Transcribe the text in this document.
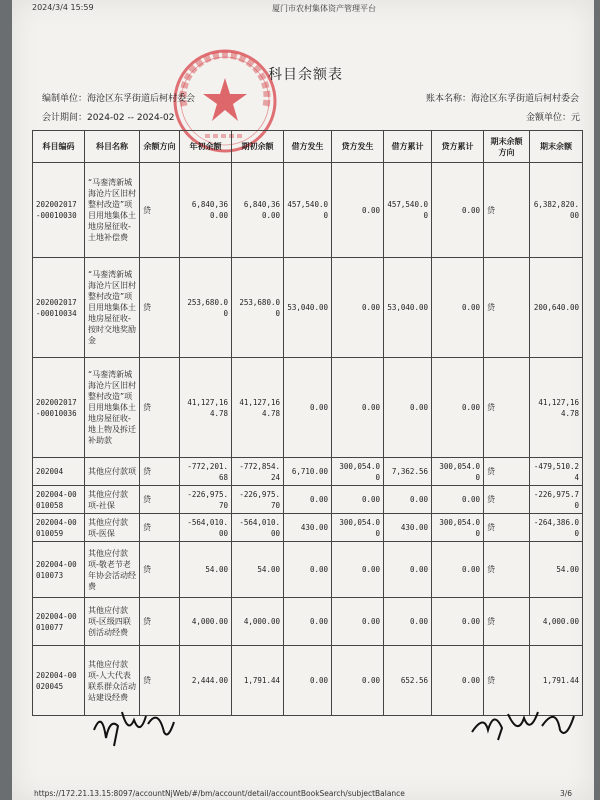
2024/3/4 15:59	厦门市农村集体资产管理平台
科目余额表
编制单位：海沧区东孚街道后柯村委会
会计期间：2024-02 -- 2024-02
账本名称：海沧区东孚街道后柯村委会
金额单位：元
科目编码	科目名称	余额方向	年初余额	期初余额	借方发生	贷方发生	借方累计	贷方累计	期末余额方向	期末余额
202002017-00010030	“马銮湾新城海沧片区旧村整村改造”项目用地集体土地房屋征收-土地补偿费	贷	6,840,360.00	6,840,360.00	457,540.00	0.00	457,540.00	0.00	贷	6,382,820.00
202002017-00010034	“马銮湾新城海沧片区旧村整村改造”项目用地集体土地房屋征收-按时交地奖励金	贷	253,680.00	253,680.00	53,040.00	0.00	53,040.00	0.00	贷	200,640.00
202002017-00010036	“马銮湾新城海沧片区旧村整村改造”项目用地集体土地房屋征收-地上物及拆迁补助款	贷	41,127,164.78	41,127,164.78	0.00	0.00	0.00	0.00	贷	41,127,164.78
202004	其他应付款项	贷	-772,201.68	-772,854.24	6,710.00	300,054.00	7,362.56	300,054.00	贷	-479,510.24
202004-00010058	其他应付款项-社保	贷	-226,975.70	-226,975.70	0.00	0.00	0.00	0.00	贷	-226,975.70
202004-00010059	其他应付款项-医保	贷	-564,010.00	-564,010.00	430.00	300,054.00	430.00	300,054.00	贷	-264,386.00
202004-00010073	其他应付款项-敬老节老年协会活动经费	贷	54.00	54.00	0.00	0.00	0.00	0.00	贷	54.00
202004-00010077	其他应付款项-区级四联创活动经费	贷	4,000.00	4,000.00	0.00	0.00	0.00	0.00	贷	4,000.00
202004-00020045	其他应付款项-人大代表联系群众活动站建设经费	贷	2,444.00	1,791.44	0.00	0.00	652.56	0.00	贷	1,791.44
https://172.21.13.15:8097/accountNjWeb/#/bm/account/detail/accountBookSearch/subjectBalance	3/6
